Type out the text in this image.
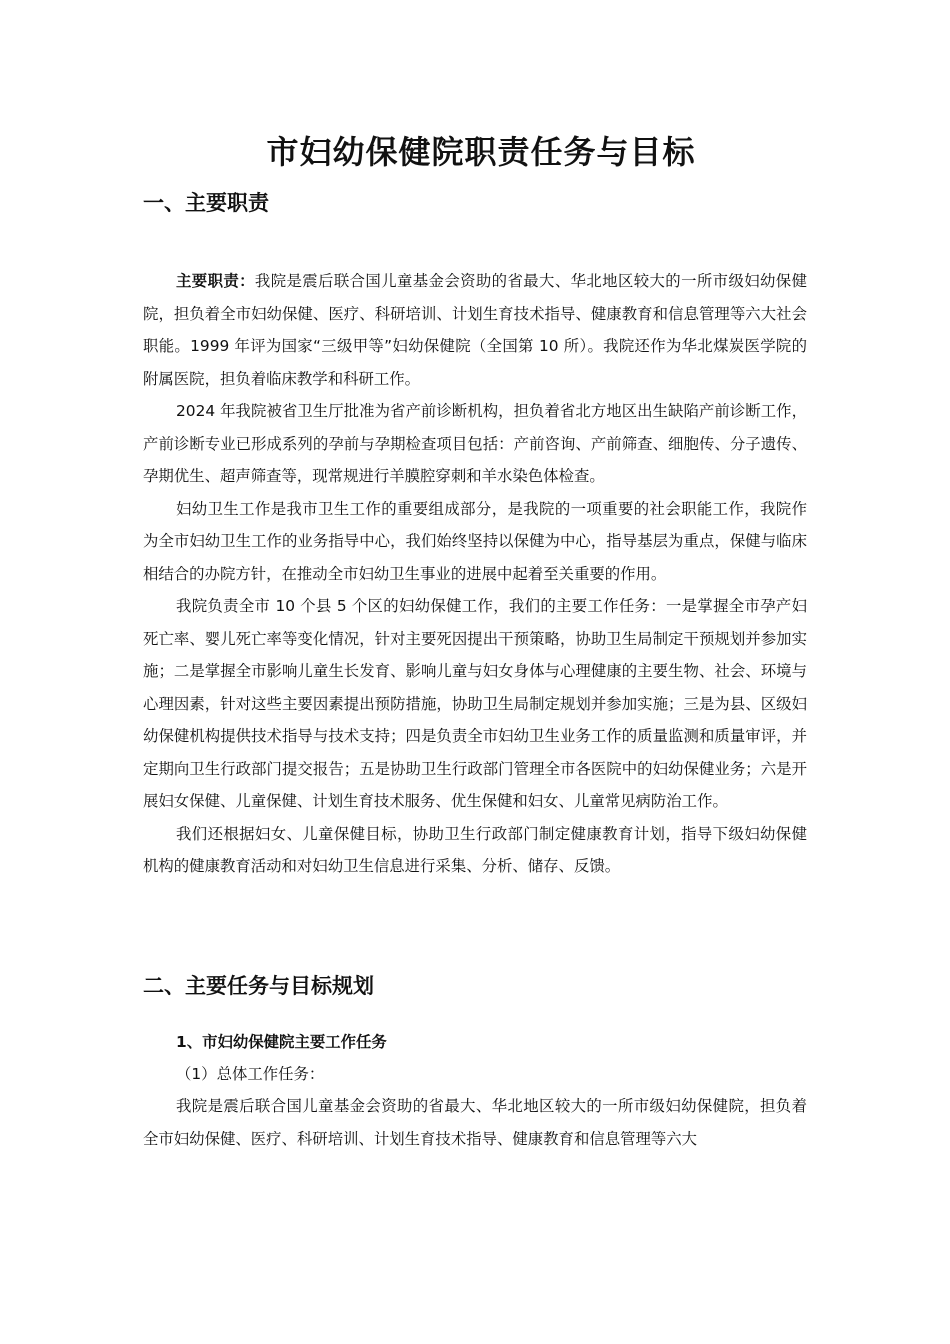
市妇幼保健院职责任务与目标
一、主要职责

主要职责：我院是震后联合国儿童基金会资助的省最大、华北地区较大的一所市级妇幼保健院，担负着全市妇幼保健、医疗、科研培训、计划生育技术指导、健康教育和信息管理等六大社会职能。1999 年评为国家“三级甲等”妇幼保健院（全国第 10 所）。我院还作为华北煤炭医学院的附属医院，担负着临床教学和科研工作。

2024 年我院被省卫生厅批准为省产前诊断机构，担负着省北方地区出生缺陷产前诊断工作，产前诊断专业已形成系列的孕前与孕期检查项目包括：产前咨询、产前筛查、细胞传、分子遗传、孕期优生、超声筛查等，现常规进行羊膜腔穿刺和羊水染色体检查。

妇幼卫生工作是我市卫生工作的重要组成部分，是我院的一项重要的社会职能工作，我院作为全市妇幼卫生工作的业务指导中心，我们始终坚持以保健为中心，指导基层为重点，保健与临床相结合的办院方针，在推动全市妇幼卫生事业的进展中起着至关重要的作用。

我院负责全市 10 个县 5 个区的妇幼保健工作，我们的主要工作任务：一是掌握全市孕产妇死亡率、婴儿死亡率等变化情况，针对主要死因提出干预策略，协助卫生局制定干预规划并参加实施；二是掌握全市影响儿童生长发育、影响儿童与妇女身体与心理健康的主要生物、社会、环境与心理因素，针对这些主要因素提出预防措施，协助卫生局制定规划并参加实施；三是为县、区级妇幼保健机构提供技术指导与技术支持；四是负责全市妇幼卫生业务工作的质量监测和质量审评，并定期向卫生行政部门提交报告；五是协助卫生行政部门管理全市各医院中的妇幼保健业务；六是开展妇女保健、儿童保健、计划生育技术服务、优生保健和妇女、儿童常见病防治工作。

我们还根据妇女、儿童保健目标，协助卫生行政部门制定健康教育计划，指导下级妇幼保健机构的健康教育活动和对妇幼卫生信息进行采集、分析、储存、反馈。

二、主要任务与目标规划
1、市妇幼保健院主要工作任务

（1）总体工作任务：

我院是震后联合国儿童基金会资助的省最大、华北地区较大的一所市级妇幼保健院，担负着全市妇幼保健、医疗、科研培训、计划生育技术指导、健康教育和信息管理等六大
